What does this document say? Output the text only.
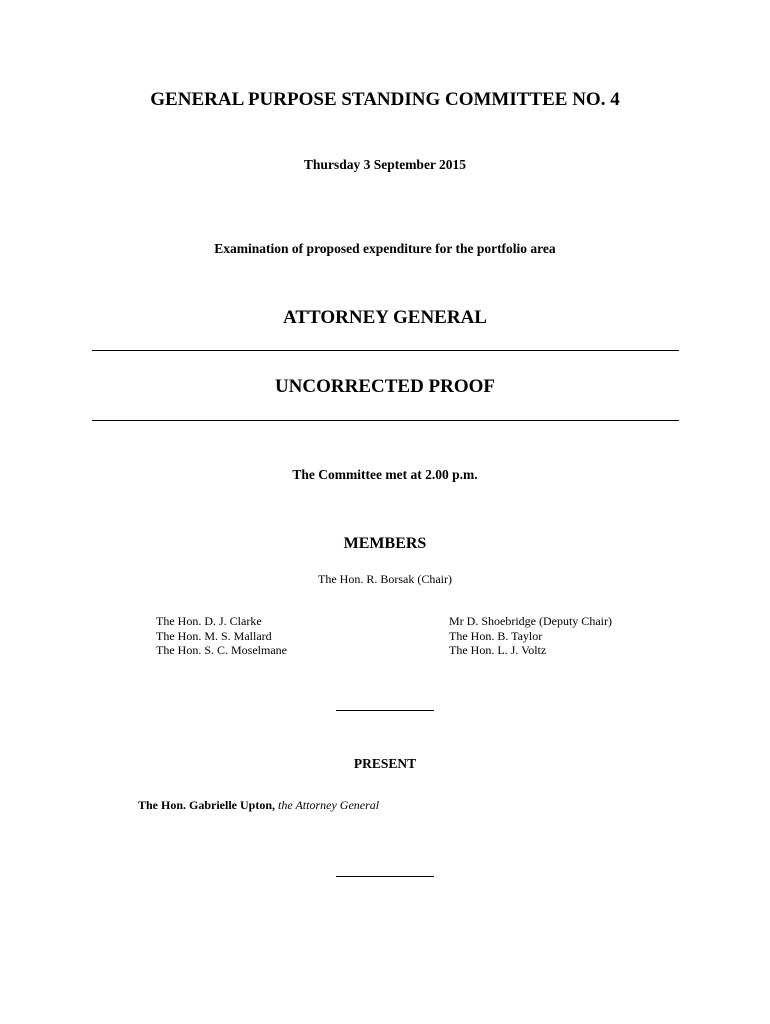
GENERAL PURPOSE STANDING COMMITTEE NO. 4
Thursday 3 September 2015
Examination of proposed expenditure for the portfolio area
ATTORNEY GENERAL
UNCORRECTED PROOF
The Committee met at 2.00 p.m.
MEMBERS
The Hon. R. Borsak (Chair)
The Hon. D. J. Clarke
The Hon. M. S. Mallard
The Hon. S. C. Moselmane
Mr D. Shoebridge (Deputy Chair)
The Hon. B. Taylor
The Hon. L. J. Voltz
PRESENT
The Hon. Gabrielle Upton, the Attorney General
